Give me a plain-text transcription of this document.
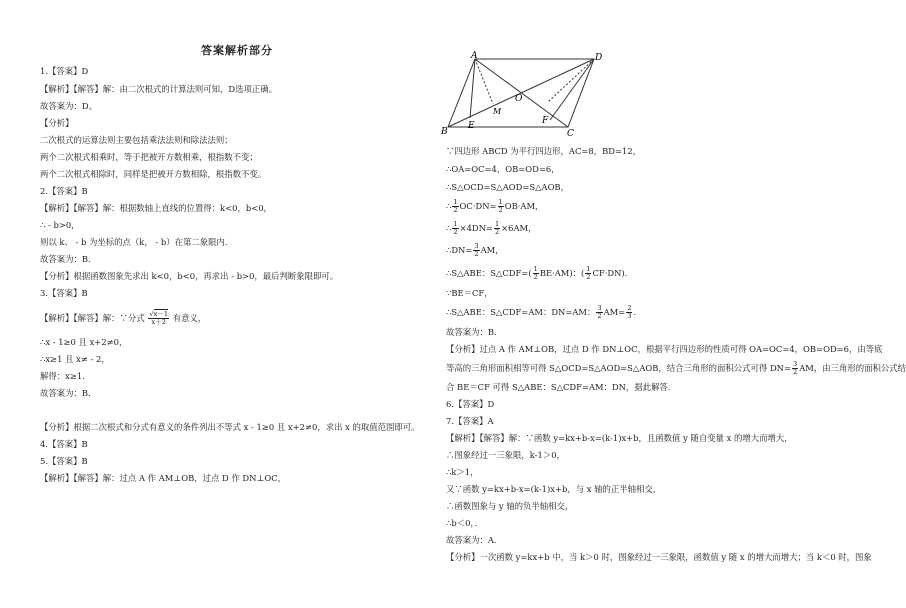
答案解析部分
1.【答案】D
【解析】【解答】解：由二次根式的计算法则可知，D选项正确。
故答案为：D。
【分析】
二次根式的运算法则主要包括乘法法则和除法法则；
两个二次根式相乘时，等于把被开方数相乘，根指数不变；
两个二次根式相除时，同样是把被开方数相除，根指数不变。
2.【答案】B
【解析】【解答】解：根据数轴上直线的位置得：k<0，b<0，
∴ - b>0，
则以 k、 - b 为坐标的点（k， - b）在第二象限内．
故答案为：B．
【分析】根据函数图象先求出 k<0，b<0，再求出 - b>0，最后判断象限即可。
3.【答案】B
【解析】【解答】解：∵分式 $\frac{√x-1}{x+2}$ 有意义，
∴x - 1≥0 且 x+2≠0，
∴x≥1 且 x≠ - 2，
解得：x≥1．
故答案为：B．
【分析】根据二次根式和分式有意义的条件列出不等式 x - 1≥0 且 x+2≠0，求出 x 的取值范围即可。
4.【答案】B
5.【答案】B
【解析】【解答】解：过点 A 作 AM⊥OB，过点 D 作 DN⊥OC，
A	D
O
M
B
E	F
C
∵四边形 ABCD 为平行四边形，AC=8，BD=12，
∴OA=OC=4，OB=OD=6，
∴S△OCD=S△AOD=S△AOB，
∴ $\frac{1}{2} OC\cdot DN= \frac{1}{2} OB\cdot AM$，
∴ $\frac{1}{2} \times 4DN= \frac{1}{2} \times 6AM$，
∴DN= $\frac{3}{2}$ AM，
∴S△ABE：S△CDF=( $\frac{1}{2} BE\cdot AM$)：( $\frac{1}{2} CF\cdot DN$)．
∵BE＝CF，
∴S△ABE：S△CDF=AM：DN=AM： $\frac{3}{2} AM= \frac{2}{3}$ ．
故答案为：B．
【分析】过点 A 作 AM⊥OB，过点 D 作 DN⊥OC，根据平行四边形的性质可得 OA=OC=4，OB=OD=6，由等底
等高的三角形面积相等可得 S△OCD=S△AOD=S△AOB，结合三角形的面积公式可得 $DN= \frac{3}{2}$ AM，由三角形的面积公式结
合 BE＝CF 可得 S△ABE：S△CDF=AM：DN，据此解答．
6.【答案】D
7.【答案】A
【解析】【解答】解：∵函数 y=kx+b-x=(k-1)x+b，且函数值 y 随自变量 x 的增大而增大，
∴图象经过一三象限，k-1＞0，
∴k＞1，
又∵函数 y=kx+b-x=(k-1)x+b，与 x 轴的正半轴相交，
∴函数图象与 y 轴的负半轴相交，
∴b＜0，．
故答案为：A．
【分析】一次函数 y=kx+b 中，当 k＞0 时，图象经过一三象限，函数值 y 随 x 的增大而增大；当 k＜0 时，图象
